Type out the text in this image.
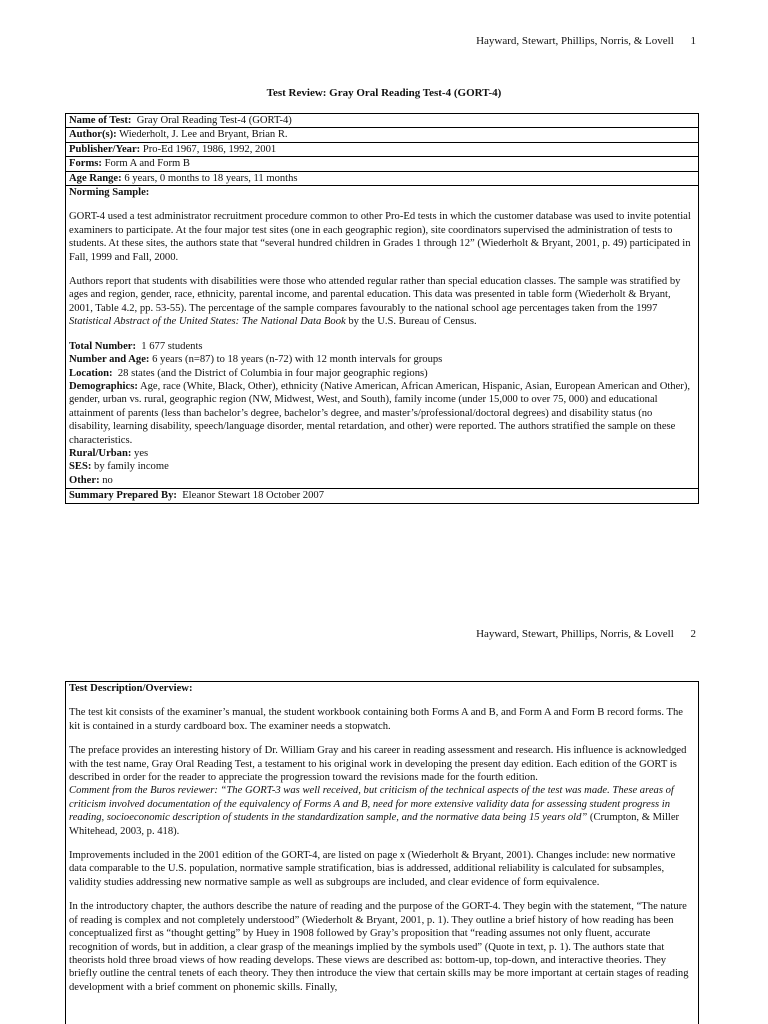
Hayward, Stewart, Phillips, Norris, & Lovell 1
Test Review: Gray Oral Reading Test-4 (GORT-4)
Name of Test: Gray Oral Reading Test-4 (GORT-4)
Author(s): Wiederholt, J. Lee and Bryant, Brian R.
Publisher/Year: Pro-Ed 1967, 1986, 1992, 2001
Forms: Form A and Form B
Age Range: 6 years, 0 months to 18 years, 11 months
Norming Sample:

GORT-4 used a test administrator recruitment procedure common to other Pro-Ed tests in which the customer database was used to invite potential examiners to participate. At the four major test sites (one in each geographic region), site coordinators supervised the administration of tests to students. At these sites, the authors state that “several hundred children in Grades 1 through 12” (Wiederholt & Bryant, 2001, p. 49) participated in Fall, 1999 and Fall, 2000.

Authors report that students with disabilities were those who attended regular rather than special education classes. The sample was stratified by ages and region, gender, race, ethnicity, parental income, and parental education. This data was presented in table form (Wiederholt & Bryant, 2001, Table 4.2, pp. 53-55). The percentage of the sample compares favourably to the national school age percentages taken from the 1997 Statistical Abstract of the United States: The National Data Book by the U.S. Bureau of Census.

Total Number: 1 677 students
Number and Age: 6 years (n=87) to 18 years (n-72) with 12 month intervals for groups
Location: 28 states (and the District of Columbia in four major geographic regions)
Demographics: Age, race (White, Black, Other), ethnicity (Native American, African American, Hispanic, Asian, European American and Other), gender, urban vs. rural, geographic region (NW, Midwest, West, and South), family income (under 15,000 to over 75, 000) and educational attainment of parents (less than bachelor’s degree, bachelor’s degree, and master’s/professional/doctoral degrees) and disability status (no disability, learning disability, speech/language disorder, mental retardation, and other) were reported. The authors stratified the sample on these characteristics.
Rural/Urban: yes
SES: by family income
Other: no
Summary Prepared By: Eleanor Stewart 18 October 2007
Hayward, Stewart, Phillips, Norris, & Lovell 2
Test Description/Overview:

The test kit consists of the examiner’s manual, the student workbook containing both Forms A and B, and Form A and Form B record forms. The kit is contained in a sturdy cardboard box. The examiner needs a stopwatch.

The preface provides an interesting history of Dr. William Gray and his career in reading assessment and research. His influence is acknowledged with the test name, Gray Oral Reading Test, a testament to his original work in developing the present day edition. Each edition of the GORT is described in order for the reader to appreciate the progression toward the revisions made for the fourth edition.

Comment from the Buros reviewer: “The GORT-3 was well received, but criticism of the technical aspects of the test was made. These areas of criticism involved documentation of the equivalency of Forms A and B, need for more extensive validity data for assessing student progress in reading, socioeconomic description of students in the standardization sample, and the normative data being 15 years old” (Crumpton, & Miller Whitehead, 2003, p. 418).

Improvements included in the 2001 edition of the GORT-4, are listed on page x (Wiederholt & Bryant, 2001). Changes include: new normative data comparable to the U.S. population, normative sample stratification, bias is addressed, additional reliability is calculated for subsamples, validity studies addressing new normative sample as well as subgroups are included, and clear evidence of form equivalence.

In the introductory chapter, the authors describe the nature of reading and the purpose of the GORT-4. They begin with the statement, “The nature of reading is complex and not completely understood” (Wiederholt & Bryant, 2001, p. 1). They outline a brief history of how reading has been conceptualized first as “thought getting” by Huey in 1908 followed by Gray’s proposition that “reading assumes not only fluent, accurate recognition of words, but in addition, a clear grasp of the meanings implied by the symbols used” (Quote in text, p. 1). The authors state that theorists hold three broad views of how reading develops. These views are described as: bottom-up, top-down, and interactive theories. They briefly outline the central tenets of each theory. They then introduce the view that certain skills may be more important at certain stages of reading development with a brief comment on phonemic skills. Finally,
